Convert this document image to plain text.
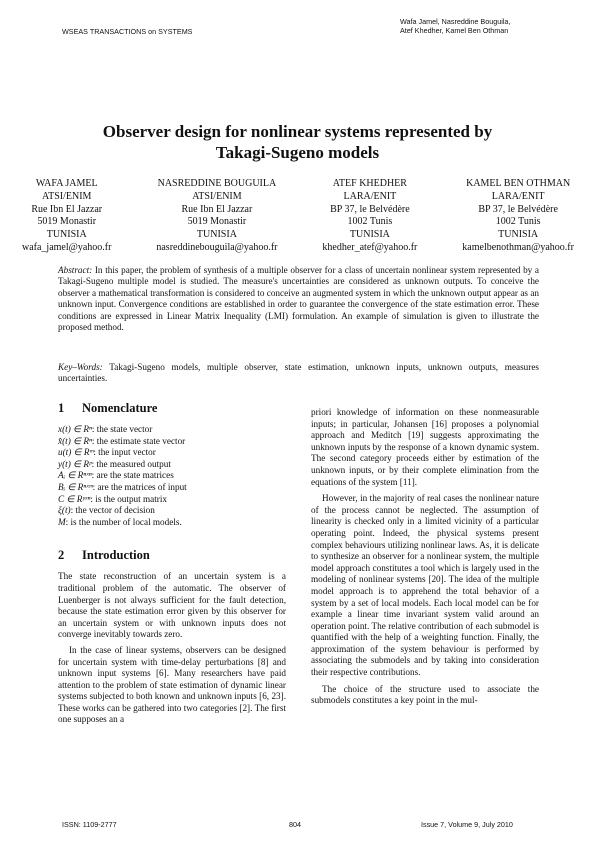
WSEAS TRANSACTIONS on SYSTEMS
Wafa Jamel, Nasreddine Bouguila,
Atef Khedher, Kamel Ben Othman
Observer design for nonlinear systems represented by
Takagi-Sugeno models
WAFA JAMEL
ATSI/ENIM
Rue Ibn El Jazzar
5019 Monastir
TUNISIA
wafa_jamel@yahoo.fr
NASREDDINE BOUGUILA
ATSI/ENIM
Rue Ibn El Jazzar
5019 Monastir
TUNISIA
nasreddinebouguila@yahoo.fr
ATEF KHEDHER
LARA/ENIT
BP 37, le Belvédère
1002 Tunis
TUNISIA
khedher_atef@yahoo.fr
KAMEL BEN OTHMAN
LARA/ENIT
BP 37, le Belvédère
1002 Tunis
TUNISIA
kamelbenothman@yahoo.fr
Abstract: In this paper, the problem of synthesis of a multiple observer for a class of uncertain nonlinear system represented by a Takagi-Sugeno multiple model is studied. The measure's uncertainties are considered as unknown outputs. To conceive the observer a mathematical transformation is considered to conceive an augmented system in which the unknown output appear as an unknown input. Convergence conditions are established in order to guarantee the convergence of the state estimation error. These conditions are expressed in Linear Matrix Inequality (LMI) formulation. An example of simulation is given to illustrate the proposed method.
Key–Words: Takagi-Sugeno models, multiple observer, state estimation, unknown inputs, unknown outputs, measures uncertainties.
1 Nomenclature
x(t) ∈ Rⁿ: the state vector
x̂(t) ∈ Rⁿ: the estimate state vector
u(t) ∈ Rᵐ: the input vector
y(t) ∈ Rᵖ: the measured output
Aᵢ ∈ Rⁿˣⁿ: are the state matrices
Bᵢ ∈ Rⁿˣᵐ: are the matrices of input
C ∈ Rᵖˣⁿ: is the output matrix
ξ(t): the vector of decision
M: is the number of local models.
2 Introduction

The state reconstruction of an uncertain system is a traditional problem of the automatic. The observer of Luenberger is not always sufficient for the fault detection, because the state estimation error given by this observer for an uncertain system or with unknown inputs does not converge inevitably towards zero.

In the case of linear systems, observers can be designed for uncertain system with time-delay perturbations [8] and unknown input systems [6]. Many researchers have paid attention to the problem of state estimation of dynamic linear systems subjected to both known and unknown inputs [6, 23]. These works can be gathered into two categories [2]. The first one supposes an a

priori knowledge of information on these nonmeasurable inputs; in particular, Johansen [16] proposes a polynomial approach and Meditch [19] suggests approximating the unknown inputs by the response of a known dynamic system. The second category proceeds either by estimation of the unknown inputs, or by their complete elimination from the equations of the system [11].

However, in the majority of real cases the nonlinear nature of the process cannot be neglected. The assumption of linearity is checked only in a limited vicinity of a particular operating point. Indeed, the physical systems present complex behaviours utilizing nonlinear laws. As, it is delicate to synthesize an observer for a nonlinear system, the multiple model approach constitutes a tool which is largely used in the modeling of nonlinear systems [20]. The idea of the multiple model approach is to apprehend the total behavior of a system by a set of local models. Each local model can be for example a linear time invariant system valid around an operation point. The relative contribution of each submodel is quantified with the help of a weighting function. Finally, the approximation of the system behaviour is performed by associating the submodels and by taking into consideration their respective contributions.

The choice of the structure used to associate the submodels constitutes a key point in the mul-

ISSN: 1109-2777	804	Issue 7, Volume 9, July 2010
